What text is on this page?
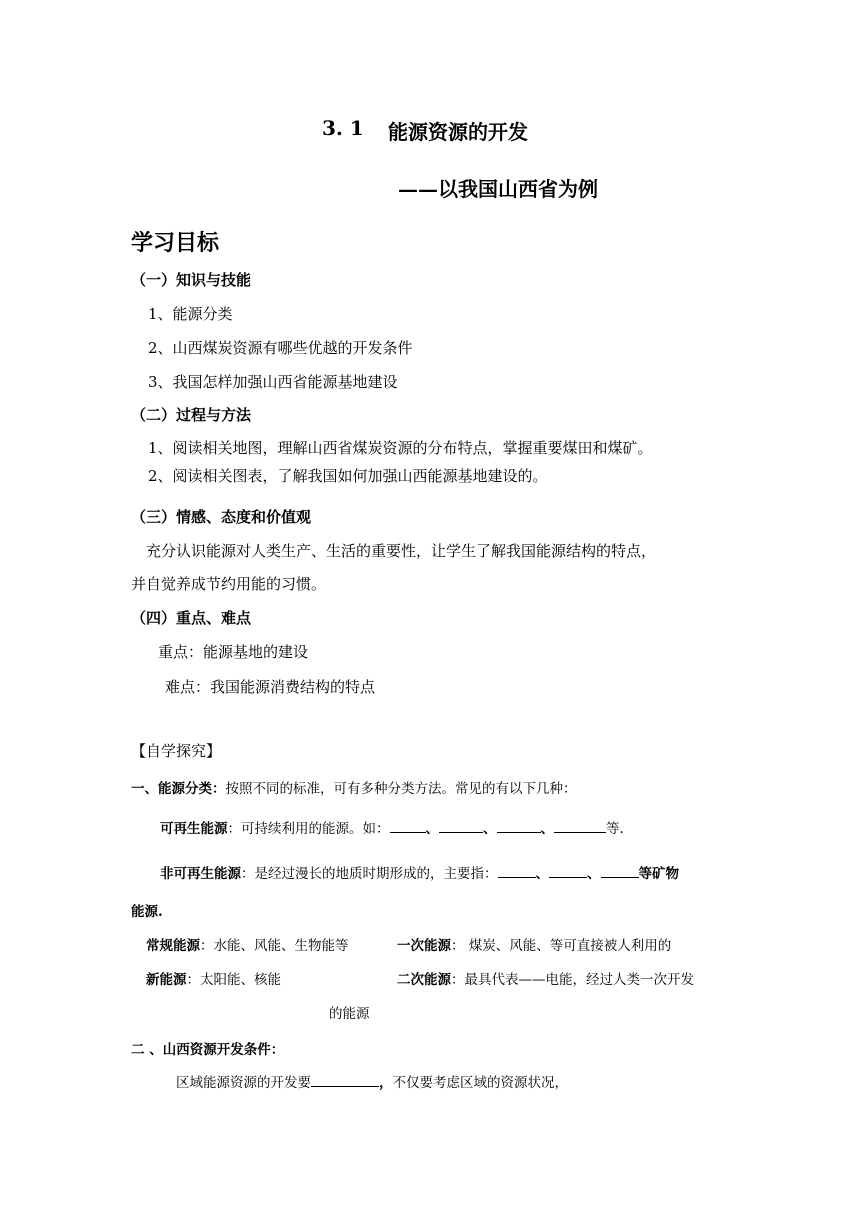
3. 1 能源资源的开发
——以我国山西省为例
学习目标
（一）知识与技能
1、能源分类
2、山西煤炭资源有哪些优越的开发条件
3、我国怎样加强山西省能源基地建设
（二）过程与方法
1、阅读相关地图，理解山西省煤炭资源的分布特点，掌握重要煤田和煤矿。
2、阅读相关图表，了解我国如何加强山西能源基地建设的。
（三）情感、态度和价值观
充分认识能源对人类生产、生活的重要性，让学生了解我国能源结构的特点，
并自觉养成节约用能的习惯。
（四）重点、难点
重点：能源基地的建设
难点：我国能源消费结构的特点
【自学探究】
一、能源分类：按照不同的标准，可有多种分类方法。常见的有以下几种：
可再生能源：可持续利用的能源。如：	、	、	、	等.
非可再生能源：是经过漫长的地质时期形成的，主要指：	、	、	等矿物
能源.
常规能源：水能、风能、生物能等	一次能源： 煤炭、风能、等可直接被人利用的
新能源：太阳能、核能	二次能源：最具代表——电能，经过人类一次开发
的能源
二 、山西资源开发条件：
区域能源资源的开发要	，不仅要考虑区域的资源状况，
